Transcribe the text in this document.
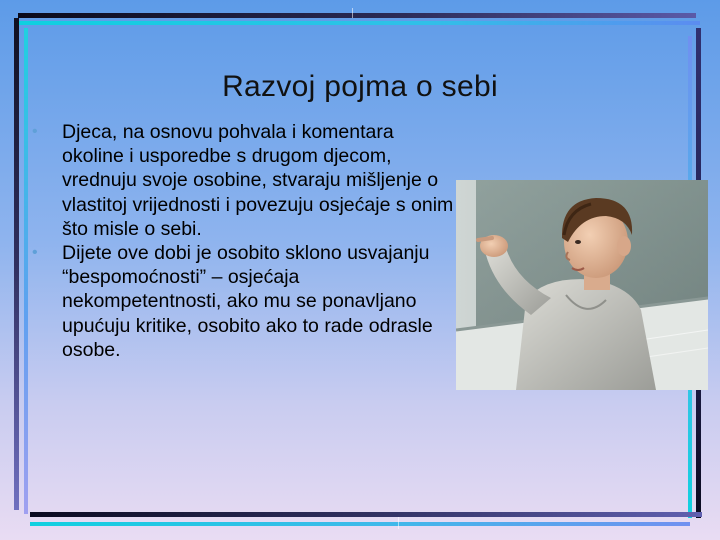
Razvoj pojma o sebi
• Djeca, na osnovu pohvala i komentara okoline i usporedbe s drugom djecom, vrednuju svoje osobine, stvaraju mišljenje o vlastitoj vrijednosti i povezuju osjećaje s onim što misle o sebi.
• Dijete ove dobi je osobito sklono usvajanju “bespomoćnosti” – osjećaja nekompetentnosti, ako mu se ponavljano upućuju kritike, osobito ako to rade odrasle osobe.
